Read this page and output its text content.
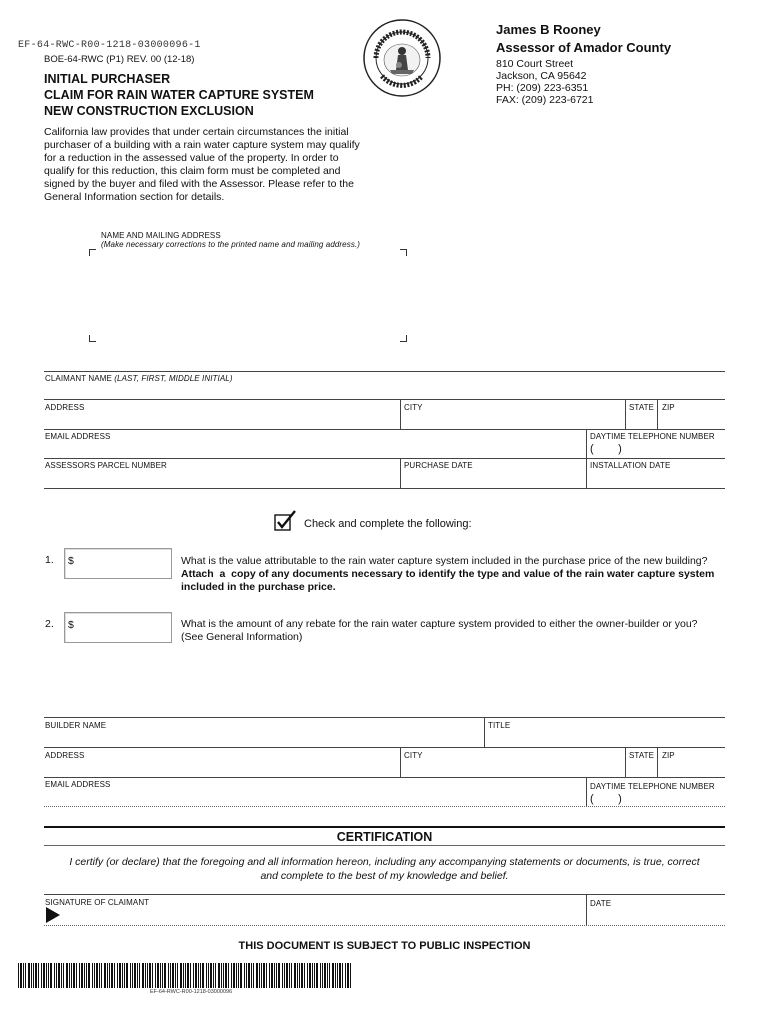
EF-64-RWC-R00-1218-03000096-1
BOE-64-RWC (P1) REV. 00 (12-18)
INITIAL PURCHASER
CLAIM FOR RAIN WATER CAPTURE SYSTEM
NEW CONSTRUCTION EXCLUSION
James B Rooney
Assessor of Amador County
810 Court Street
Jackson, CA 95642
PH: (209) 223-6351
FAX: (209) 223-6721
California law provides that under certain circumstances the initial
purchaser of a building with a rain water capture system may qualify
for a reduction in the assessed value of the property. In order to
qualify for this reduction, this claim form must be completed and
signed by the buyer and filed with the Assessor. Please refer to the
General Information section for details.
NAME AND MAILING ADDRESS
(Make necessary corrections to the printed name and mailing address.)
CLAIMANT NAME (LAST, FIRST, MIDDLE INITIAL)
ADDRESS	CITY	STATE ZIP
EMAIL ADDRESS	DAYTIME TELEPHONE NUMBER
(        )
ASSESSORS PARCEL NUMBER	PURCHASE DATE	INSTALLATION DATE
Check and complete the following:
1. $	What is the value attributable to the rain water capture system included in the purchase price of the new building?
Attach  a  copy of any documents necessary to identify the type and value of the rain water capture system
included in the purchase price.
2. $	What is the amount of any rebate for the rain water capture system provided to either the owner-builder or you?
(See General Information)
BUILDER NAME	TITLE
ADDRESS	CITY	STATE ZIP
EMAIL ADDRESS	DAYTIME TELEPHONE NUMBER
(        )
CERTIFICATION
I certify (or declare) that the foregoing and all information hereon, including any accompanying statements or documents, is true, correct
and complete to the best of my knowledge and belief.
SIGNATURE OF CLAIMANT	DATE
THIS DOCUMENT IS SUBJECT TO PUBLIC INSPECTION
EF-64-RWC-R00-1218-03000096
